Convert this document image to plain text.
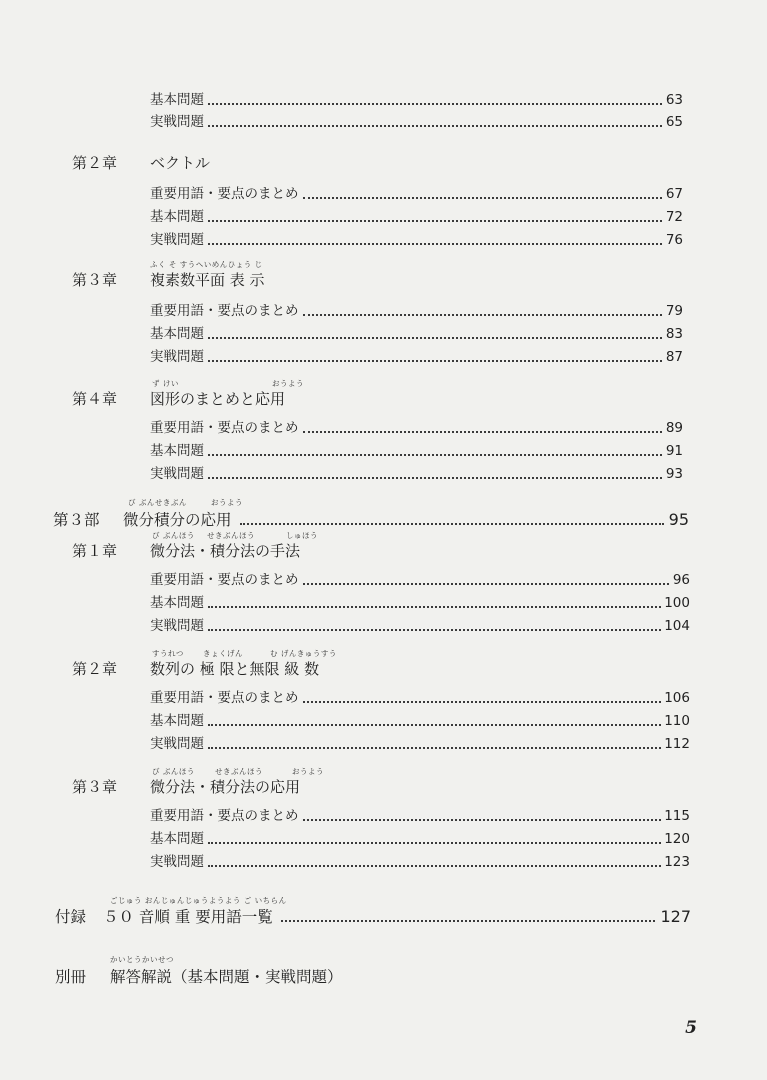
基本問題	63
実戦問題	65
第２章 ベクトル
重要用語・要点のまとめ	67
基本問題	72
実戦問題	76
ふく そ すうへいめんひょう じ
第３章 複素数平面 表 示
重要用語・要点のまとめ	79
基本問題	83
実戦問題	87
ず けい	おうよう
第４章 図形のまとめと応用
重要用語・要点のまとめ	89
基本問題	91
実戦問題	93
び ぶんせきぶん	おうよう
第３部	微分積分の応用	95
び ぶんほう せきぶんほう	しゅほう
第１章 微分法・積分法の手法
重要用語・要点のまとめ	96
基本問題	100
実戦問題	104
すうれつ	きょくげん	む げんきゅうすう
第２章 数列の 極 限と無限 級 数
重要用語・要点のまとめ	106
基本問題	110
実戦問題	112
び ぶんほう	せきぶんほう	おうよう
第３章 微分法・積分法の応用
重要用語・要点のまとめ	115
基本問題	120
実戦問題	123
ごじゅう おんじゅんじゅうようよう ご いちらん
付録	５０ 音順 重 要用語一覧	127
かいとうかいせつ
別冊	解答解説（基本問題・実戦問題）
5
